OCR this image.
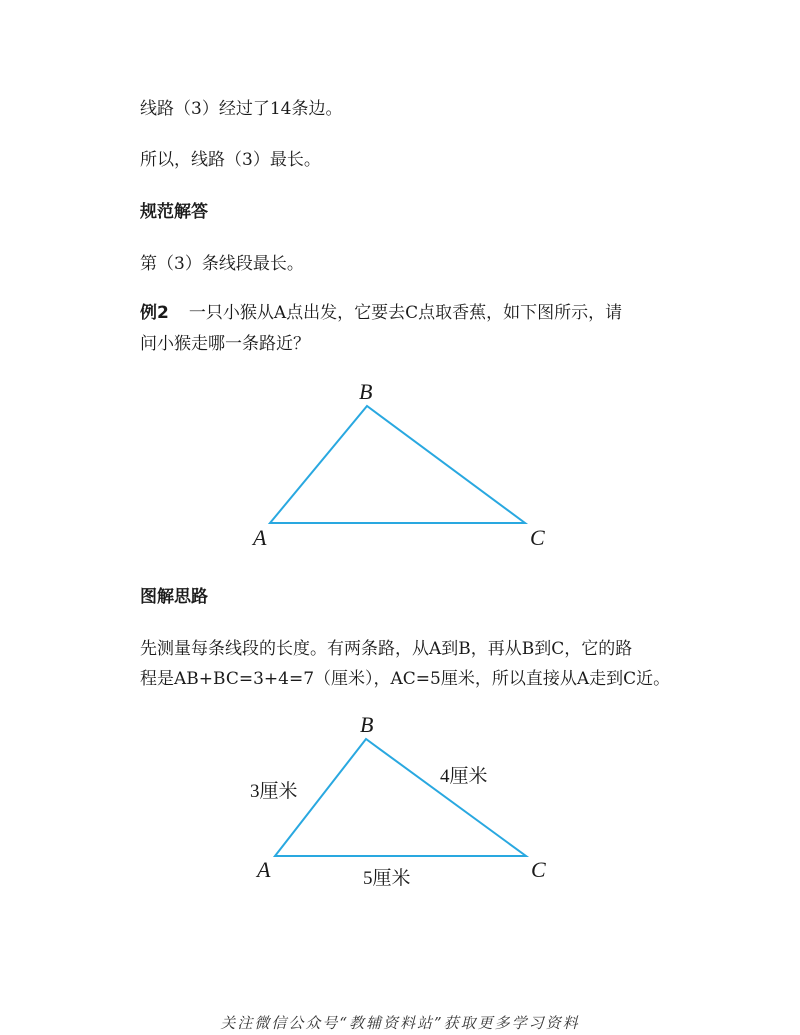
线路（3）经过了14条边。
所以，线路（3）最长。
规范解答
第（3）条线段最长。
例2 一只小猴从A点出发，它要去C点取香蕉，如下图所示，请
问小猴走哪一条路近？
B
A	C
图解思路
先测量每条线段的长度。有两条路，从A到B，再从B到C，它的路
程是AB+BC=3+4=7（厘米），AC=5厘米，所以直接从A走到C近。
B
A	C
3厘米
4厘米
5厘米
关注微信公众号“教辅资料站”获取更多学习资料
